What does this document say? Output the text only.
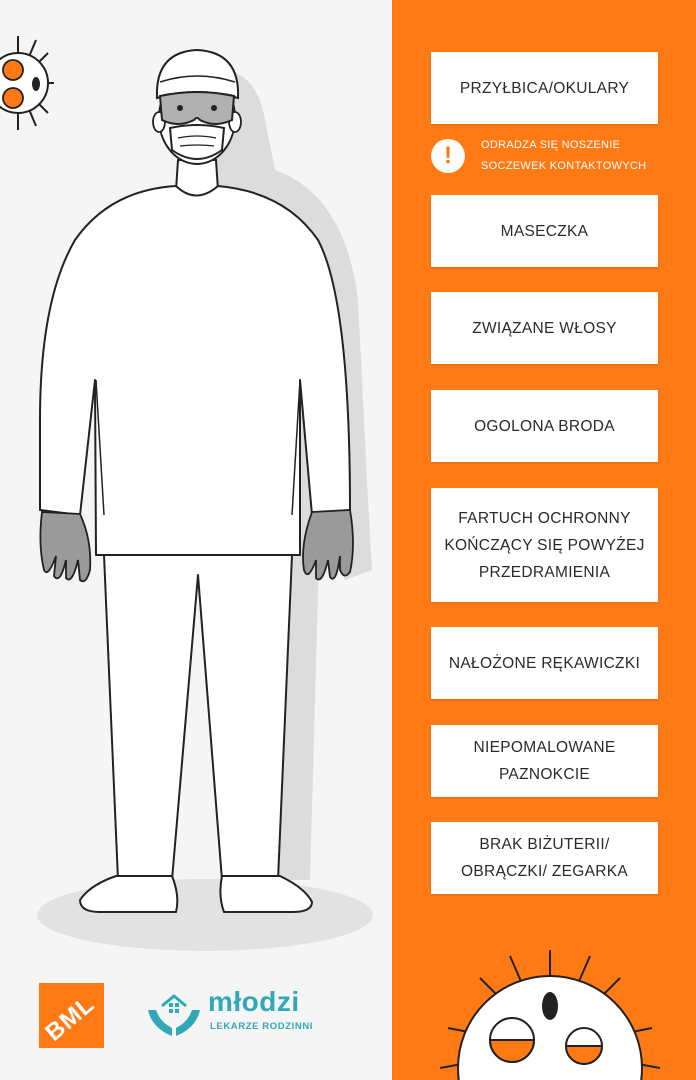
PRZYŁBICA/OKULARY
!	ODRADZA SIĘ NOSZENIE
SOCZEWEK KONTAKTOWYCH
MASECZKA
ZWIĄZANE WŁOSY
OGOLONA BRODA
FARTUCH OCHRONNY
KOŃCZĄCY SIĘ POWYŻEJ
PRZEDRAMIENIA
NAŁOŻONE RĘKAWICZKI
NIEPOMALOWANE
PAZNOKCIE
BRAK BIŻUTERII/
OBRĄCZKI/ ZEGARKA
BML	młodzi
LEKARZE RODZINNI
